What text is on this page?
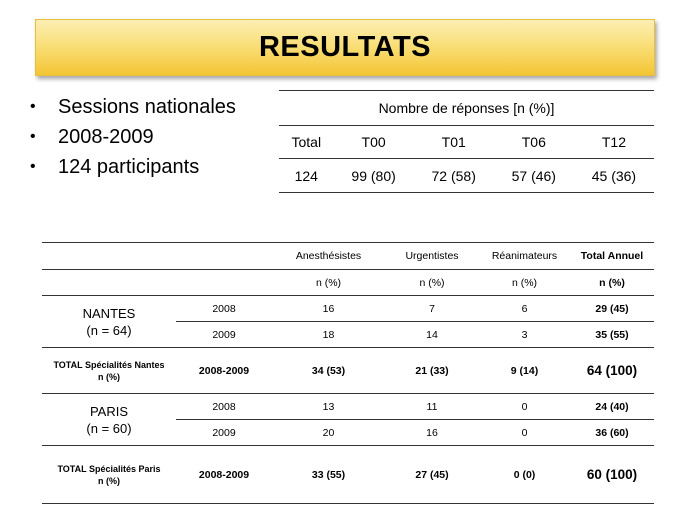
RESULTATS
•	Sessions nationales
•	2008-2009
•	124 participants
Nombre de réponses [n (%)]				
Total	T00	T01	T06	T12
124	99 (80)	72 (58)	57 (46)	45 (36)
		Anesthésistes	Urgentistes	Réanimateurs	Total Annuel
		n (%)	n (%)	n (%)	n (%)

NANTES
(n = 64)	2008	16	7	6	29 (45)
	2009	18	14	3	35 (55)

TOTAL Spécialités Nantes
n (%)	2008-2009	34 (53)	21 (33)	9 (14)	64 (100)

PARIS
(n = 60)	2008	13	11	0	24 (40)
	2009	20	16	0	36 (60)

TOTAL Spécialités Paris
n (%)	2008-2009	33 (55)	27 (45)	0 (0)	60 (100)
